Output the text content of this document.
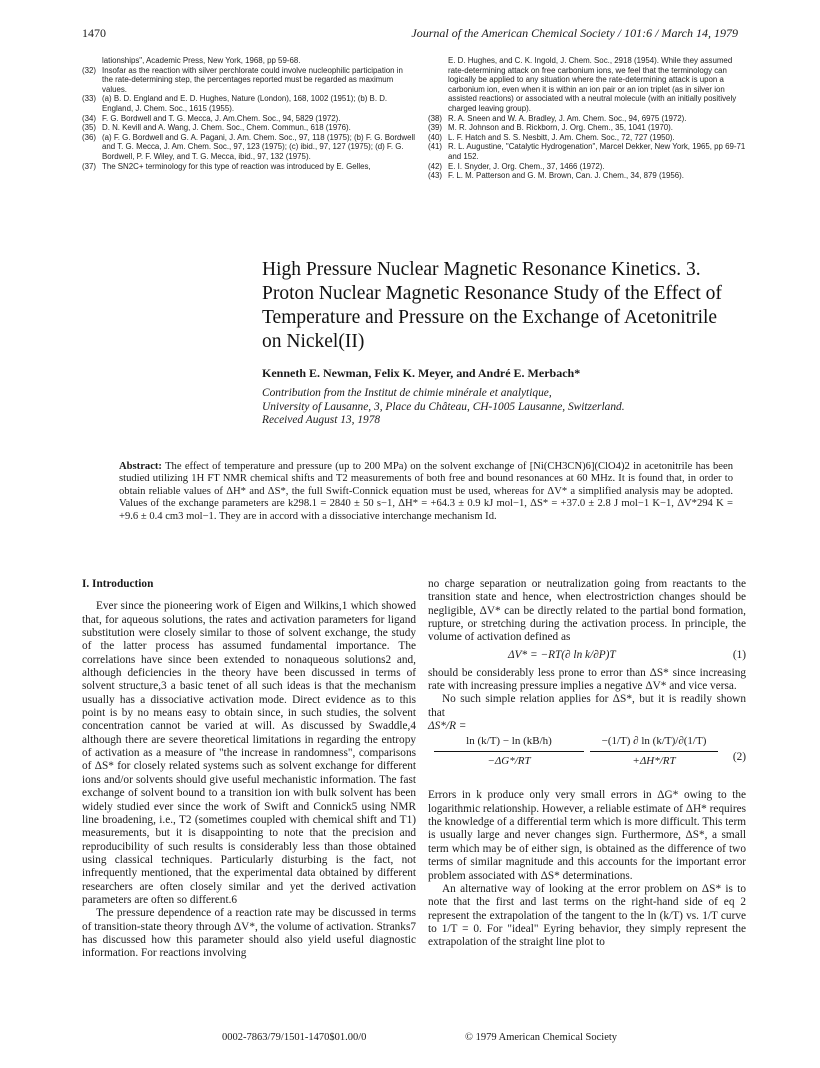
1470	Journal of the American Chemical Society / 101:6 / March 14, 1979
lationships", Academic Press, New York, 1968, pp 59-68.
(32) Insofar as the reaction with silver perchlorate could involve nucleophilic participation in the rate-determining step, the percentages reported must be regarded as maximum values.
(33) (a) B. D. England and E. D. Hughes, Nature (London), 168, 1002 (1951); (b) B. D. England, J. Chem. Soc., 1615 (1955).
(34) F. G. Bordwell and T. G. Mecca, J. Am.Chem. Soc., 94, 5829 (1972).
(35) D. N. Kevill and A. Wang, J. Chem. Soc., Chem. Commun., 618 (1976).
(36) (a) F. G. Bordwell and G. A. Pagani, J. Am. Chem. Soc., 97, 118 (1975); (b) F. G. Bordwell and T. G. Mecca, J. Am. Chem. Soc., 97, 123 (1975); (c) ibid., 97, 127 (1975); (d) F. G. Bordwell, P. F. Wiley, and T. G. Mecca, ibid., 97, 132 (1975).
(37) The SN2C+ terminology for this type of reaction was introduced by E. Gelles,
E. D. Hughes, and C. K. Ingold, J. Chem. Soc., 2918 (1954). While they assumed rate-determining attack on free carbonium ions, we feel that the terminology can logically be applied to any situation where the rate-determining attack is upon a carbonium ion, even when it is within an ion pair or an ion triplet (as in silver ion assisted reactions) or associated with a neutral molecule (with an initially positively charged leaving group).
(38) R. A. Sneen and W. A. Bradley, J. Am. Chem. Soc., 94, 6975 (1972).
(39) M. R. Johnson and B. Rickborn, J. Org. Chem., 35, 1041 (1970).
(40) L. F. Hatch and S. S. Nesbitt, J. Am. Chem. Soc., 72, 727 (1950).
(41) R. L. Augustine, "Catalytic Hydrogenation", Marcel Dekker, New York, 1965, pp 69-71 and 152.
(42) E. I. Snyder, J. Org. Chem., 37, 1466 (1972).
(43) F. L. M. Patterson and G. M. Brown, Can. J. Chem., 34, 879 (1956).
High Pressure Nuclear Magnetic Resonance Kinetics. 3. Proton Nuclear Magnetic Resonance Study of the Effect of Temperature and Pressure on the Exchange of Acetonitrile on Nickel(II)
Kenneth E. Newman, Felix K. Meyer, and André E. Merbach*
Contribution from the Institut de chimie minérale et analytique,
University of Lausanne, 3, Place du Château, CH-1005 Lausanne, Switzerland.
Received August 13, 1978
Abstract: The effect of temperature and pressure (up to 200 MPa) on the solvent exchange of [Ni(CH3CN)6](ClO4)2 in acetonitrile has been studied utilizing 1H FT NMR chemical shifts and T2 measurements of both free and bound resonances at 60 MHz. It is found that, in order to obtain reliable values of ΔH* and ΔS*, the full Swift-Connick equation must be used, whereas for ΔV* a simplified analysis may be adopted. Values of the exchange parameters are k298.1 = 2840 ± 50 s−1, ΔH* = +64.3 ± 0.9 kJ mol−1, ΔS* = +37.0 ± 2.8 J mol−1 K−1, ΔV*294 K = +9.6 ± 0.4 cm3 mol−1. They are in accord with a dissociative interchange mechanism Id.
I. Introduction

Ever since the pioneering work of Eigen and Wilkins,1 which showed that, for aqueous solutions, the rates and activation parameters for ligand substitution were closely similar to those of solvent exchange, the study of the latter process has assumed fundamental importance. The correlations have since been extended to nonaqueous solutions2 and, although deficiencies in the theory have been discussed in terms of solvent structure,3 a basic tenet of all such ideas is that the mechanism usually has a dissociative activation mode. Direct evidence as to this point is by no means easy to obtain since, in such studies, the solvent concentration cannot be varied at will. As discussed by Swaddle,4 although there are severe theoretical limitations in regarding the entropy of activation as a measure of "the increase in randomness", comparisons of ΔS* for closely related systems such as solvent exchange for different ions and/or solvents should give useful mechanistic information. The fast exchange of solvent bound to a transition ion with bulk solvent has been widely studied ever since the work of Swift and Connick5 using NMR line broadening, i.e., T2 (sometimes coupled with chemical shift and T1) measurements, but it is disappointing to note that the precision and reproducibility of such results is considerably less than those obtained using classical techniques. Particularly disturbing is the fact, not infrequently mentioned, that the experimental data obtained by different researchers are often closely similar and yet the derived activation parameters are often so different.6

The pressure dependence of a reaction rate may be discussed in terms of transition-state theory through ΔV*, the volume of activation. Stranks7 has discussed how this parameter should also yield useful diagnostic information. For reactions involving

no charge separation or neutralization going from reactants to the transition state and hence, when electrostriction changes should be negligible, ΔV* can be directly related to the partial bond formation, rupture, or stretching during the activation process. In principle, the volume of activation defined as

ΔV* = −RT(∂ ln k/∂P)T	(1)

should be considerably less prone to error than ΔS* since increasing rate with increasing pressure implies a negative ΔV* and vice versa.

No such simple relation applies for ΔS*, but it is readily shown that

ΔS*/R =
$\frac{\ln (k/T) - \ln (kB/h)}{-\Delta G*/RT} \frac{-(1/T) \partial \ln (k/T)/\partial(1/T)}{+\Delta H*/RT} (2)$

Errors in k produce only very small errors in ΔG* owing to the logarithmic relationship. However, a reliable estimate of ΔH* requires the knowledge of a differential term which is more difficult. This term is usually large and never changes sign. Furthermore, ΔS*, a small term which may be of either sign, is obtained as the difference of two terms of similar magnitude and this accounts for the important error problem associated with ΔS* determinations.

An alternative way of looking at the error problem on ΔS* is to note that the first and last terms on the right-hand side of eq 2 represent the extrapolation of the tangent to the ln (k/T) vs. 1/T curve to 1/T = 0. For "ideal" Eyring behavior, they simply represent the extrapolation of the straight line plot to

0002-7863/79/1501-1470$01.00/0	© 1979 American Chemical Society
